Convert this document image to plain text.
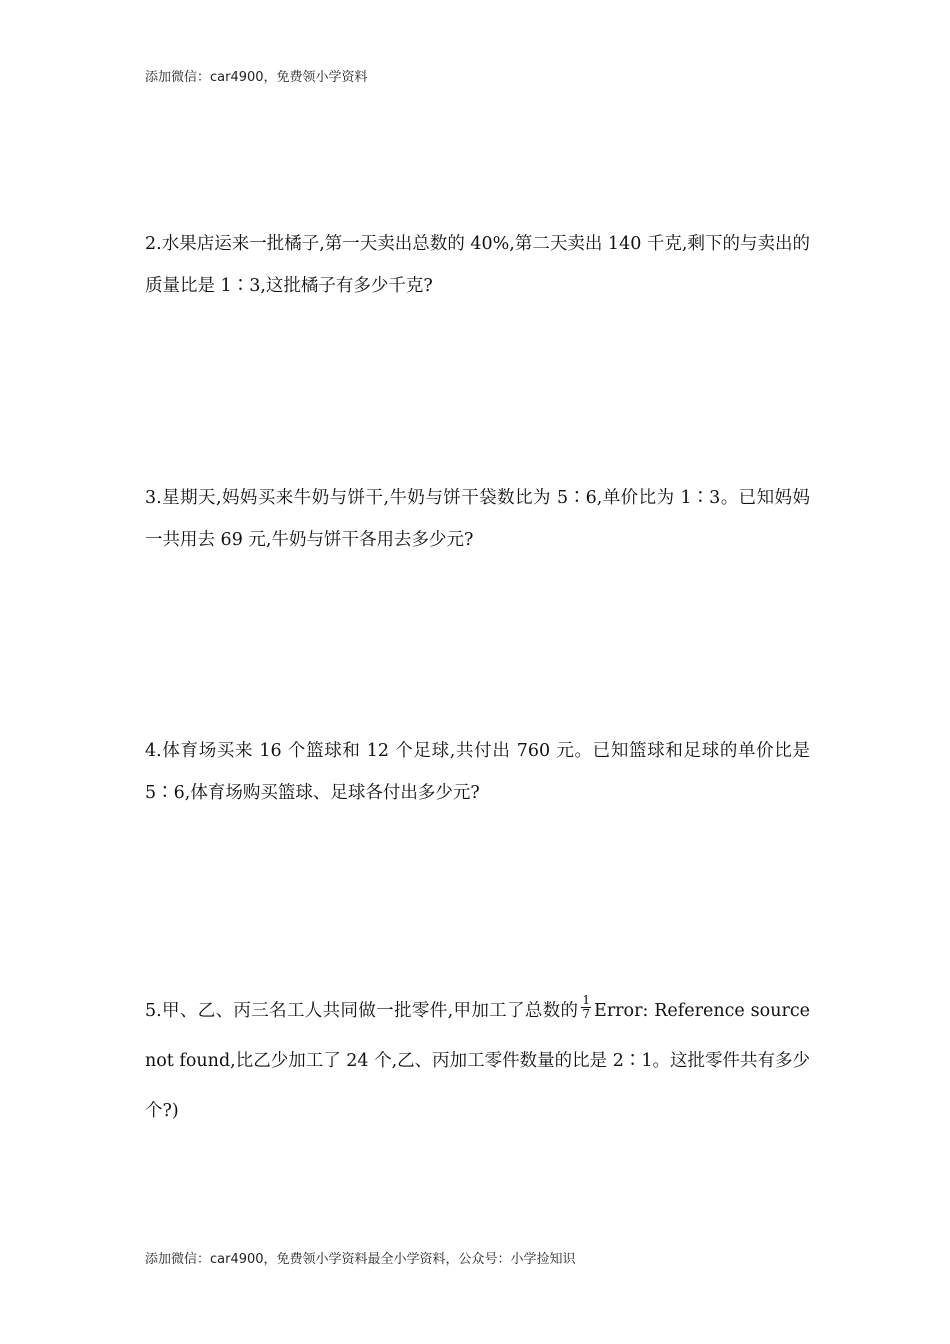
添加微信：car4900，免费领小学资料

2.水果店运来一批橘子,第一天卖出总数的 40%,第二天卖出 140 千克,剩下的与卖出的质量比是 1∶3,这批橘子有多少千克?

3.星期天,妈妈买来牛奶与饼干,牛奶与饼干袋数比为 5∶6,单价比为 1∶3。已知妈妈一共用去 69 元,牛奶与饼干各用去多少元?

4.体育场买来 16 个篮球和 12 个足球,共付出 760 元。已知篮球和足球的单价比是 5∶6,体育场购买篮球、足球各付出多少元?

5.甲、乙、丙三名工人共同做一批零件,甲加工了总数的 $\frac{1}{7}$ Error: Reference source not found,比乙少加工了 24 个,乙、丙加工零件数量的比是 2∶1。这批零件共有多少个?)

添加微信：car4900，免费领小学资料最全小学资料，公众号：小学捡知识
